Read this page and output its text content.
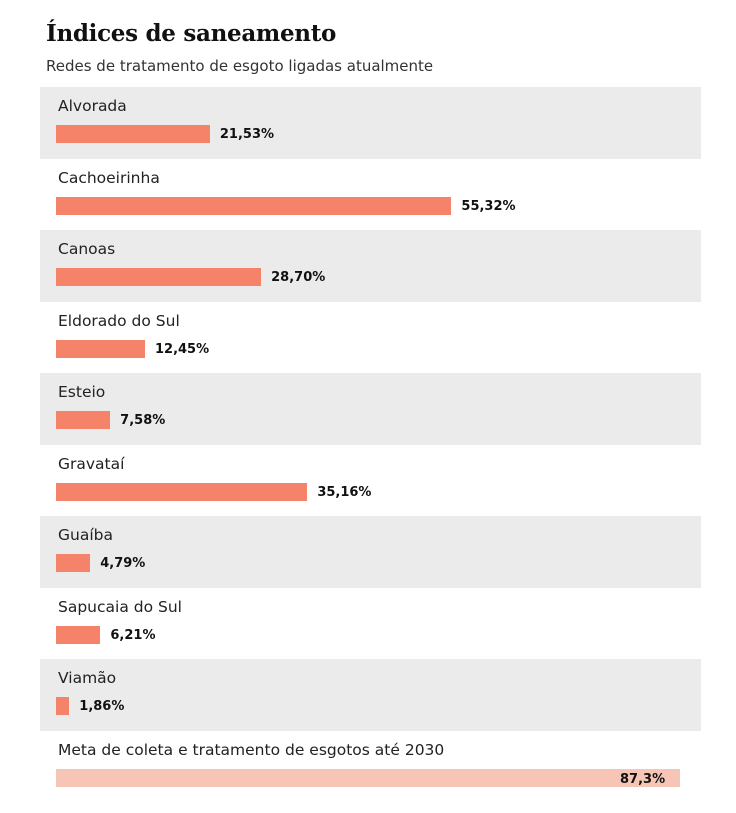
Índices de saneamento
Redes de tratamento de esgoto ligadas atualmente
Alvorada
21,53%
Cachoeirinha
55,32%
Canoas
28,70%
Eldorado do Sul
12,45%
Esteio
7,58%
Gravataí
35,16%
Guaíba
4,79%
Sapucaia do Sul
6,21%
Viamão
1,86%
Meta de coleta e tratamento de esgotos até 2030
87,3%
